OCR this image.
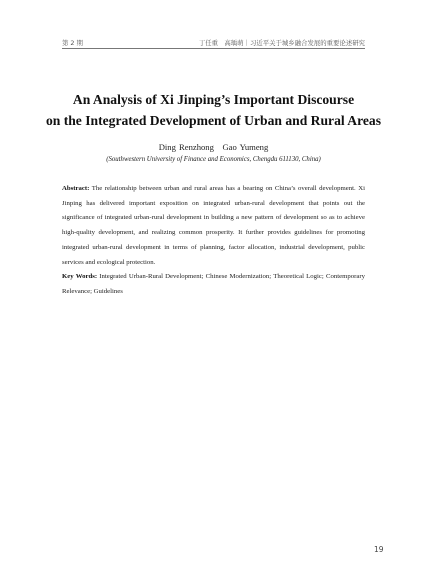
第 2 期	丁任重　高瑀萌｜习近平关于城乡融合发展的重要论述研究
An Analysis of Xi Jinping’s Important Discourse
on the Integrated Development of Urban and Rural Areas
Ding Renzhong　Gao Yumeng
(Southwestern University of Finance and Economics, Chengdu 611130, China)
Abstract: The relationship between urban and rural areas has a bearing on China’s overall development. Xi Jinping has delivered important exposition on integrated urban-rural development that points out the significance of integrated urban-rural development in building a new pattern of development so as to achieve high-quality development, and realizing common prosperity. It further provides guidelines for promoting integrated urban-rural development in terms of planning, factor allocation, industrial development, public services and ecological protection.
Key Words: Integrated Urban-Rural Development; Chinese Modernization; Theoretical Logic; Contemporary Relevance; Guidelines
19
